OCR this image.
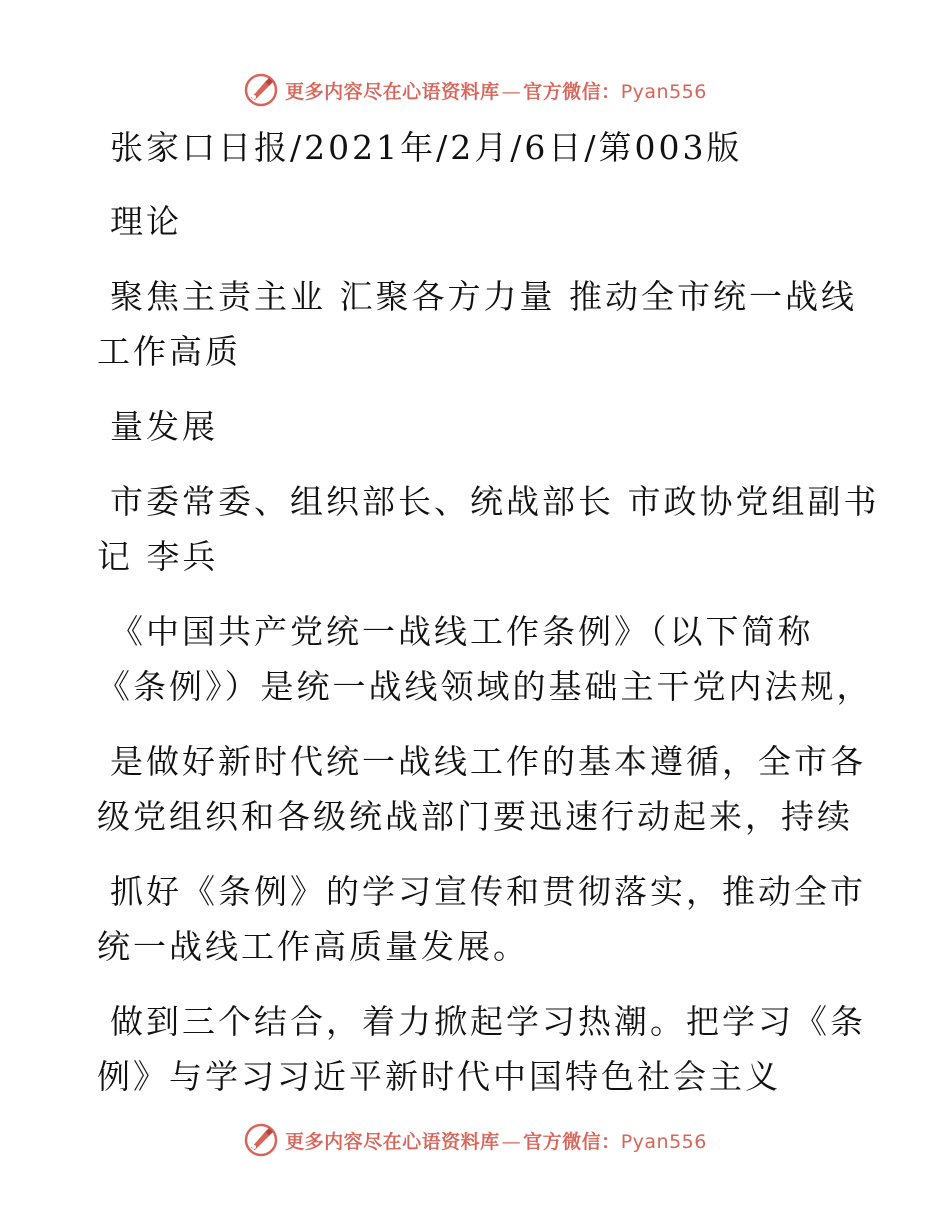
更多内容尽在心语资料库 — 官方微信：Pyan556
张家口日报/2021年/2月/6日/第003版
理论
聚焦主责主业 汇聚各方力量 推动全市统一战线
工作高质
量发展
市委常委、组织部长、统战部长 市政协党组副书
记 李兵
《中国共产党统一战线工作条例》（以下简称
《条例》）是统一战线领域的基础主干党内法规，
是做好新时代统一战线工作的基本遵循，全市各
级党组织和各级统战部门要迅速行动起来，持续
抓好《条例》的学习宣传和贯彻落实，推动全市
统一战线工作高质量发展。
做到三个结合，着力掀起学习热潮。把学习《条
例》与学习习近平新时代中国特色社会主义
更多内容尽在心语资料库 — 官方微信：Pyan556
